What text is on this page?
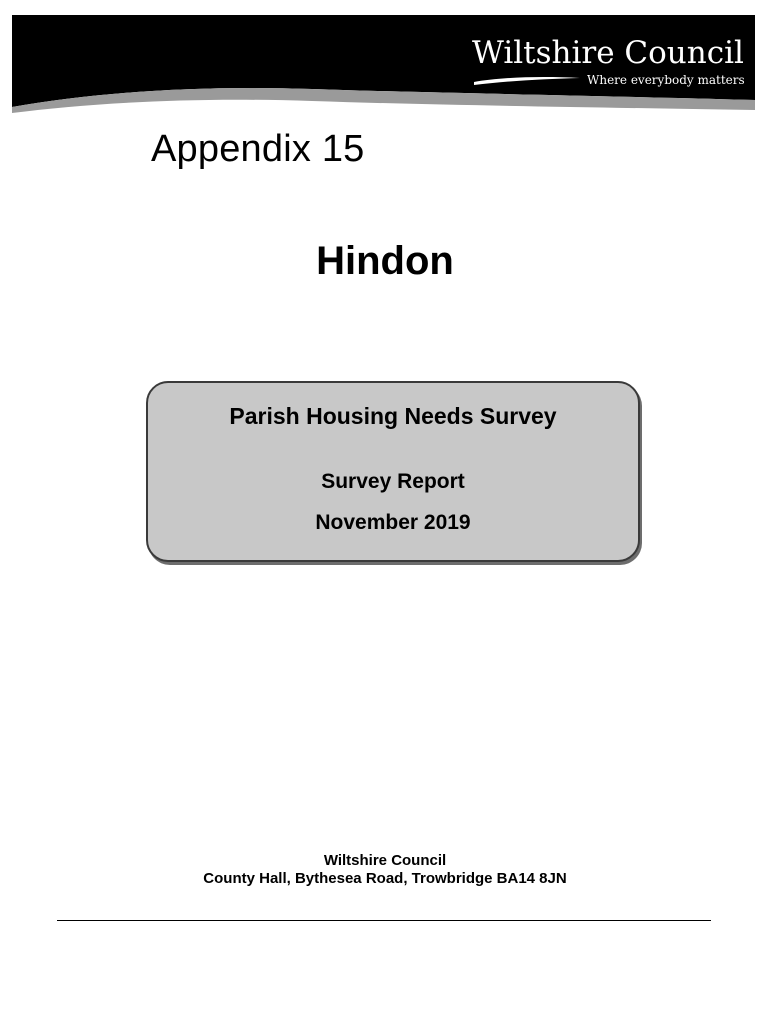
Wiltshire Council
Where everybody matters
Appendix 15
Hindon

Parish Housing Needs Survey

Survey Report

November 2019

Wiltshire Council
County Hall, Bythesea Road, Trowbridge BA14 8JN
